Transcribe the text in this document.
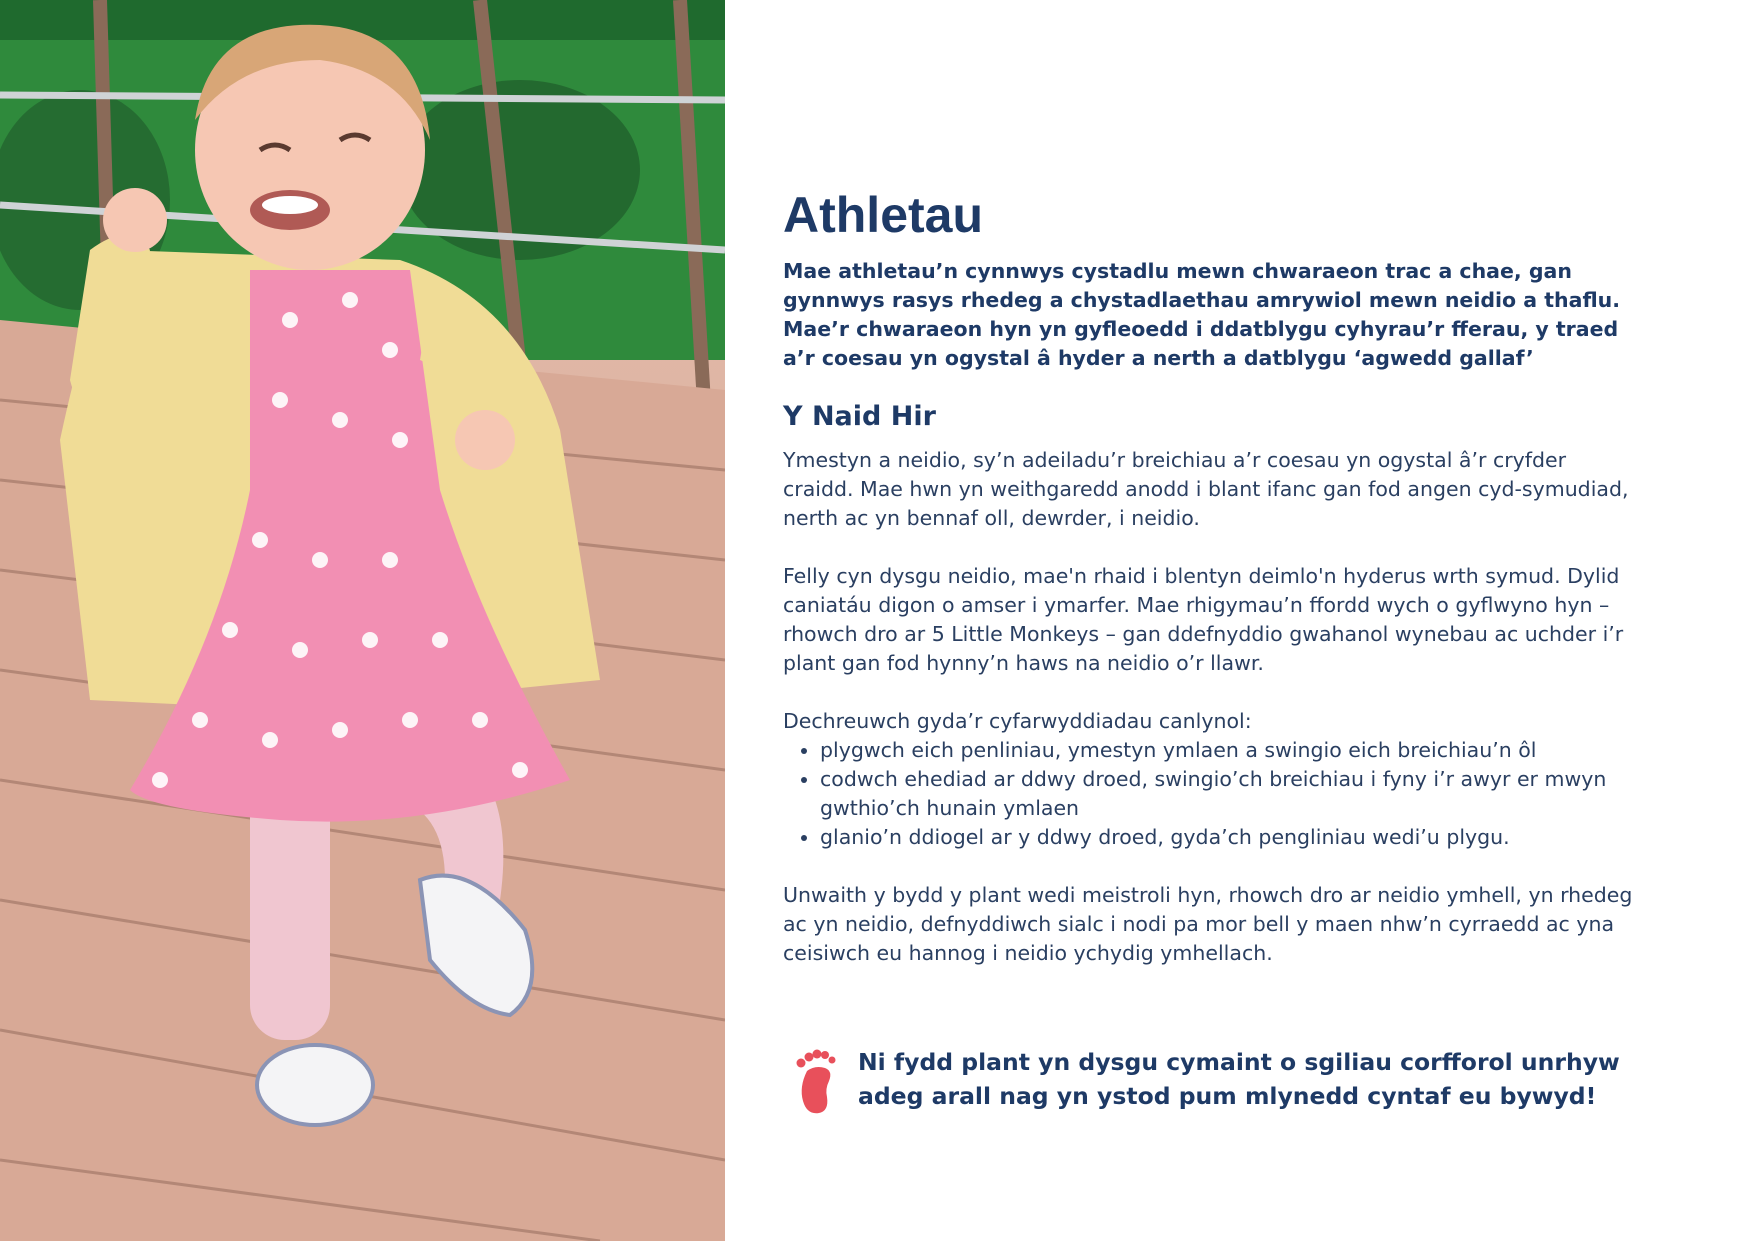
Athletau

Mae athletau’n cynnwys cystadlu mewn chwaraeon trac a chae, gan gynnwys rasys rhedeg a chystadlaethau amrywiol mewn neidio a thaflu. Mae’r chwaraeon hyn yn gyfleoedd i ddatblygu cyhyrau’r fferau, y traed a’r coesau yn ogystal â hyder a nerth a datblygu ‘agwedd gallaf’

Y Naid Hir

Ymestyn a neidio, sy’n adeiladu’r breichiau a’r coesau yn ogystal â’r cryfder craidd. Mae hwn yn weithgaredd anodd i blant ifanc gan fod angen cyd-symudiad, nerth ac yn bennaf oll, dewrder, i neidio.

Felly cyn dysgu neidio, mae'n rhaid i blentyn deimlo'n hyderus wrth symud. Dylid caniatáu digon o amser i ymarfer. Mae rhigymau’n ffordd wych o gyflwyno hyn – rhowch dro ar 5 Little Monkeys – gan ddefnyddio gwahanol wynebau ac uchder i’r plant gan fod hynny’n haws na neidio o’r llawr.

Dechreuwch gyda’r cyfarwyddiadau canlynol:

• plygwch eich penliniau, ymestyn ymlaen a swingio eich breichiau’n ôl
• codwch ehediad ar ddwy droed, swingio’ch breichiau i fyny i’r awyr er mwyn gwthio’ch hunain ymlaen
• glanio’n ddiogel ar y ddwy droed, gyda’ch pengliniau wedi’u plygu.

Unwaith y bydd y plant wedi meistroli hyn, rhowch dro ar neidio ymhell, yn rhedeg ac yn neidio, defnyddiwch sialc i nodi pa mor bell y maen nhw’n cyrraedd ac yna ceisiwch eu hannog i neidio ychydig ymhellach.

Ni fydd plant yn dysgu cymaint o sgiliau corfforol unrhyw adeg arall nag yn ystod pum mlynedd cyntaf eu bywyd!
